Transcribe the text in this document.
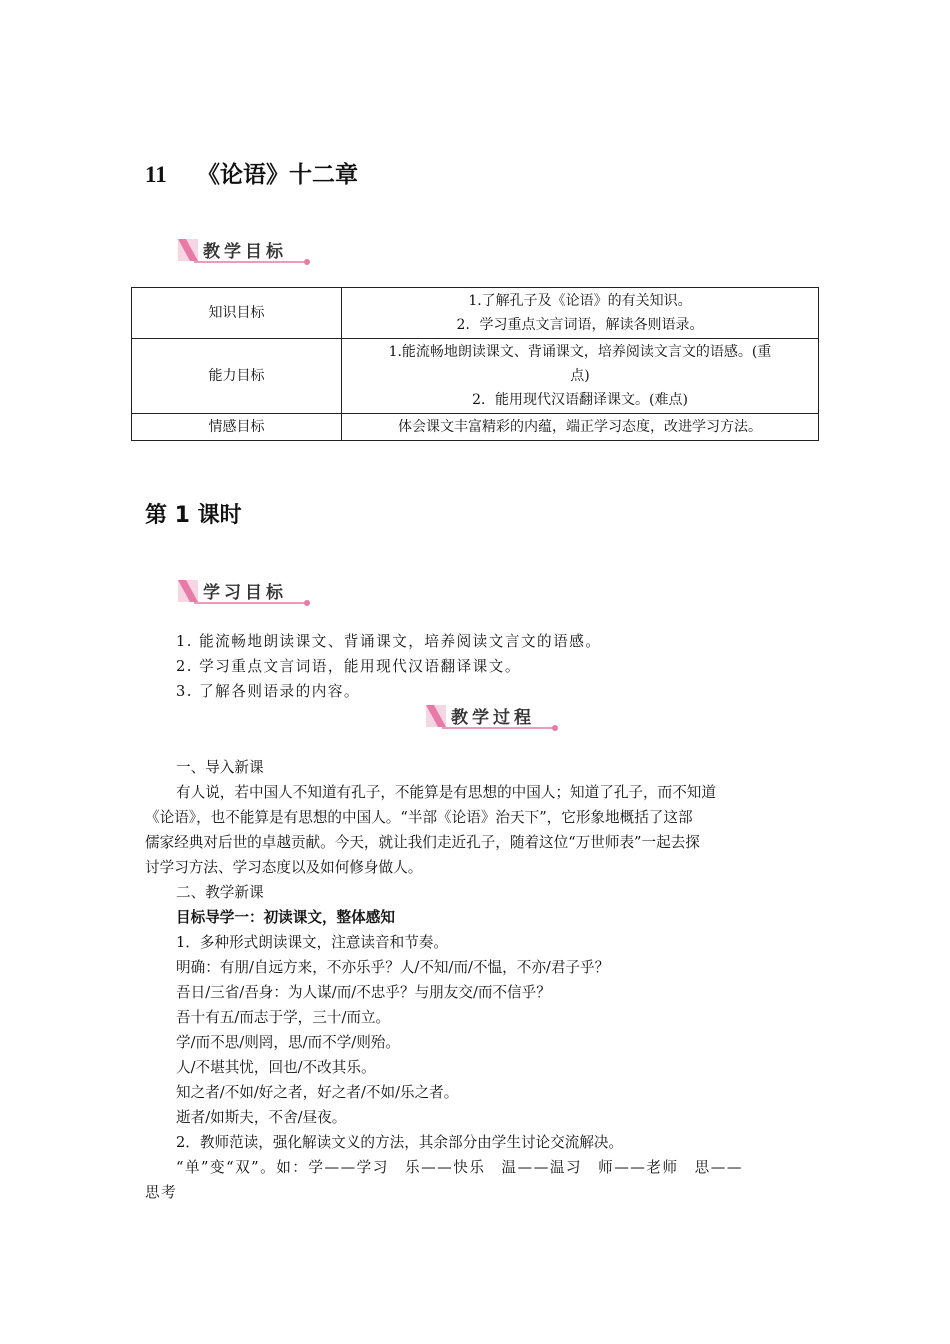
11 《论语》十二章
教学目标
知识目标	1.了解孔子及《论语》的有关知识。
2．学习重点文言词语，解读各则语录。

能力目标	1.能流畅地朗读课文、背诵课文，培养阅读文言文的语感。(重
点)
2．能用现代汉语翻译课文。(难点)

情感目标	体会课文丰富精彩的内蕴，端正学习态度，改进学习方法。
第 1 课时
学习目标
1. 能流畅地朗读课文、背诵课文，培养阅读文言文的语感。
2. 学习重点文言词语，能用现代汉语翻译课文。
3. 了解各则语录的内容。
教学过程
一、导入新课
有人说，若中国人不知道有孔子，不能算是有思想的中国人；知道了孔子，而不知道
《论语》，也不能算是有思想的中国人。“半部《论语》治天下”，它形象地概括了这部
儒家经典对后世的卓越贡献。今天，就让我们走近孔子，随着这位“万世师表”一起去探
讨学习方法、学习态度以及如何修身做人。
二、教学新课
目标导学一：初读课文，整体感知
1．多种形式朗读课文，注意读音和节奏。
明确：有朋/自远方来，不亦乐乎？人/不知/而/不愠，不亦/君子乎？
吾日/三省/吾身：为人谋/而/不忠乎？与朋友交/而不信乎？
吾十有五/而志于学，三十/而立。
学/而不思/则罔，思/而不学/则殆。
人/不堪其忧，回也/不改其乐。
知之者/不如/好之者，好之者/不如/乐之者。
逝者/如斯夫，不舍/昼夜。
2．教师范读，强化解读文义的方法，其余部分由学生讨论交流解决。
“单”变“双”。如：学——学习　乐——快乐　温——温习　师——老师　思——
思考
